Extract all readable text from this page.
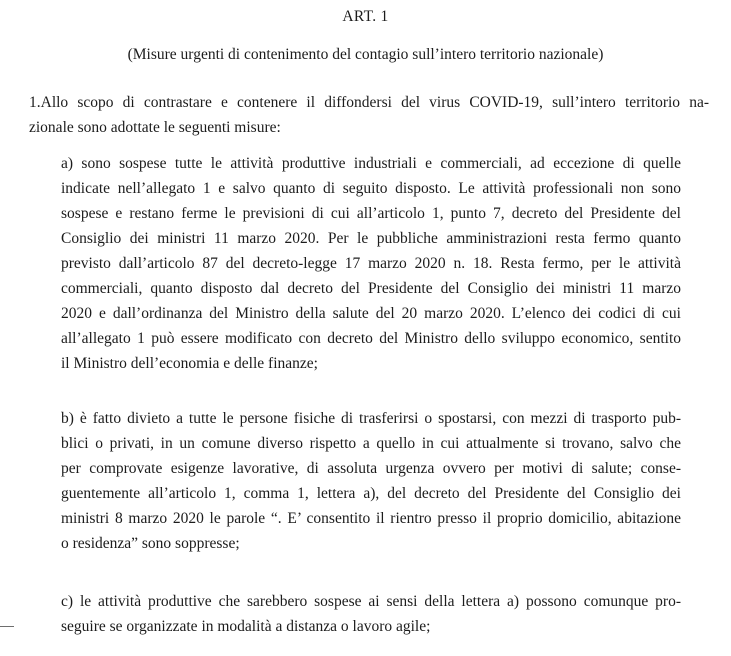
ART. 1
(Misure urgenti di contenimento del contagio sull’intero territorio nazionale)
1.Allo scopo di contrastare e contenere il diffondersi del virus COVID-19, sull’intero territorio na-
zionale sono adottate le seguenti misure:
a) sono sospese tutte le attività produttive industriali e commerciali, ad eccezione di quelle
indicate nell’allegato 1 e salvo quanto di seguito disposto. Le attività professionali non sono
sospese e restano ferme le previsioni di cui all’articolo 1, punto 7, decreto del Presidente del
Consiglio dei ministri 11 marzo 2020. Per le pubbliche amministrazioni resta fermo quanto
previsto dall’articolo 87 del decreto-legge 17 marzo 2020 n. 18. Resta fermo, per le attività
commerciali, quanto disposto dal decreto del Presidente del Consiglio dei ministri 11 marzo
2020 e dall’ordinanza del Ministro della salute del 20 marzo 2020. L’elenco dei codici di cui
all’allegato 1 può essere modificato con decreto del Ministro dello sviluppo economico, sentito
il Ministro dell’economia e delle finanze;
b) è fatto divieto a tutte le persone fisiche di trasferirsi o spostarsi, con mezzi di trasporto pub-
blici o privati, in un comune diverso rispetto a quello in cui attualmente si trovano, salvo che
per comprovate esigenze lavorative, di assoluta urgenza ovvero per motivi di salute; conse-
guentemente all’articolo 1, comma 1, lettera a), del decreto del Presidente del Consiglio dei
ministri 8 marzo 2020 le parole “. E’ consentito il rientro presso il proprio domicilio, abitazione
o residenza” sono soppresse;
c) le attività produttive che sarebbero sospese ai sensi della lettera a) possono comunque pro-
seguire se organizzate in modalità a distanza o lavoro agile;
